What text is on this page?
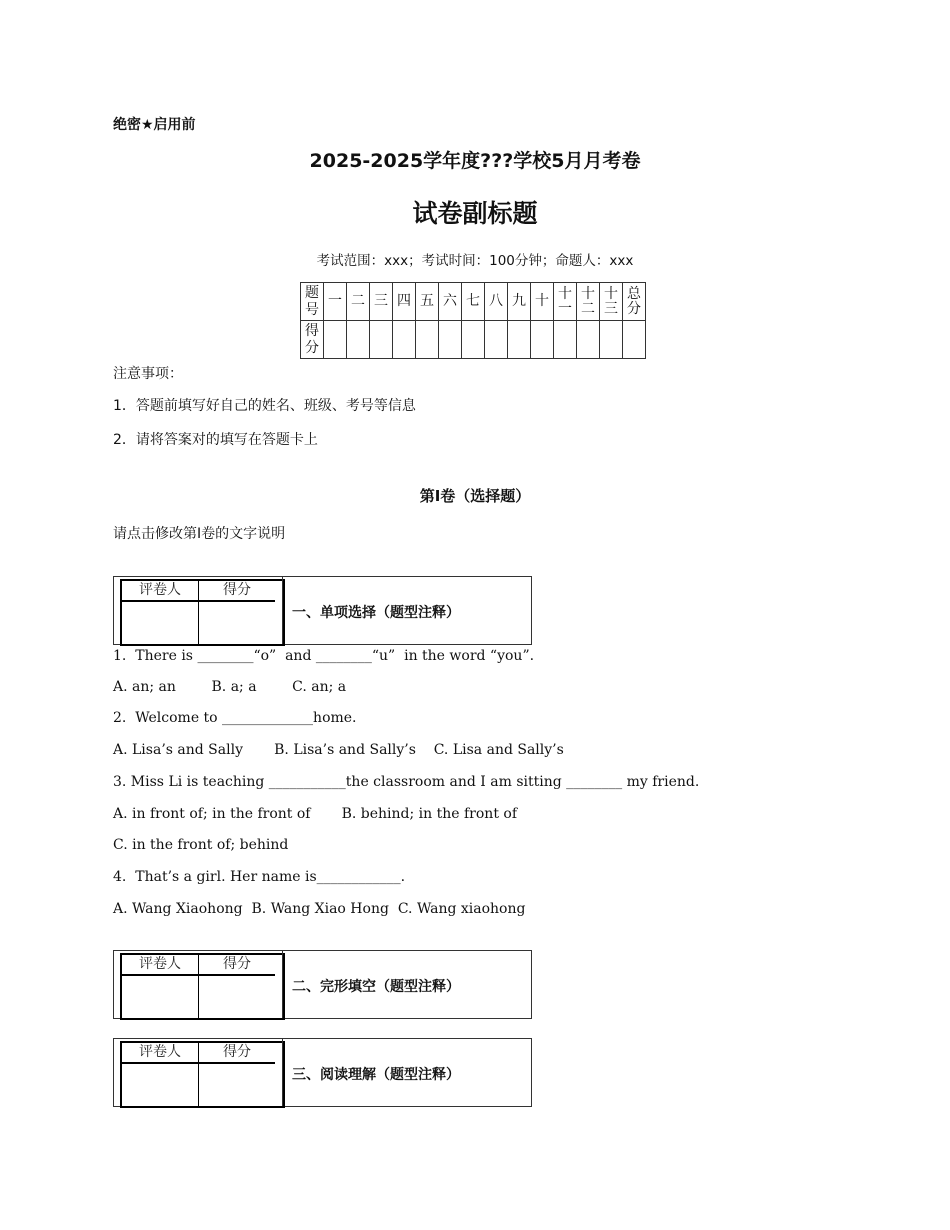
绝密★启用前
2025-2025学年度???学校5月月考卷
试卷副标题
考试范围：xxx；考试时间：100分钟；命题人：xxx
题号	一	二	三	四	五	六	七	八	九	十	十一	十二	十三	总分
得分														
注意事项：
1．答题前填写好自己的姓名、班级、考号等信息
2．请将答案对的填写在答题卡上
第I卷（选择题）
请点击修改第I卷的文字说明
评卷人	得分
一、单项选择（题型注释）
1.  There is ________“o”  and ________“u”  in the word “you”.
A. an; an        B. a; a        C. an; a
2.  Welcome to _____________home.
A. Lisa’s and Sally       B. Lisa’s and Sally’s    C. Lisa and Sally’s
3. Miss Li is teaching ___________the classroom and I am sitting ________ my friend.
A. in front of; in the front of       B. behind; in the front of
C. in the front of; behind
4.  That’s a girl. Her name is____________.
A. Wang Xiaohong  B. Wang Xiao Hong  C. Wang xiaohong
评卷人	得分
二、完形填空（题型注释）
评卷人	得分
三、阅读理解（题型注释）
